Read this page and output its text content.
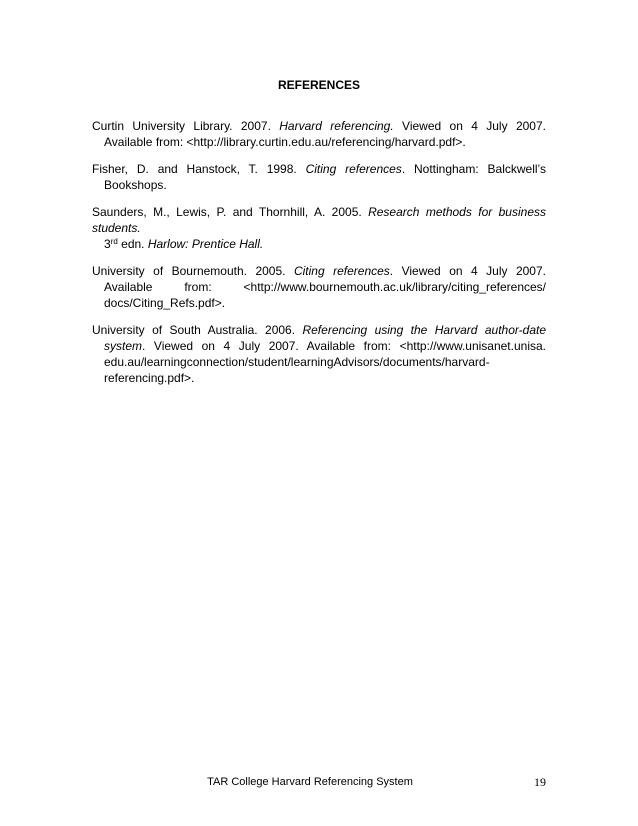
REFERENCES
Curtin University Library. 2007. Harvard referencing. Viewed on 4 July 2007.
Available from: <http://library.curtin.edu.au/referencing/harvard.pdf>.
Fisher, D. and Hanstock, T. 1998. Citing references. Nottingham: Balckwell’s
Bookshops.
Saunders, M., Lewis, P. and Thornhill, A. 2005. Research methods for business
students.
3rd edn. Harlow: Prentice Hall.
University of Bournemouth. 2005. Citing references. Viewed on 4 July 2007.
Available from: <http://www.bournemouth.ac.uk/library/citing_references/
docs/Citing_Refs.pdf>.
University of South Australia. 2006. Referencing using the Harvard author-date
system. Viewed on 4 July 2007. Available from: <http://www.unisanet.unisa.
edu.au/learningconnection/student/learningAdvisors/documents/harvard-
referencing.pdf>.
TAR College Harvard Referencing System	19
